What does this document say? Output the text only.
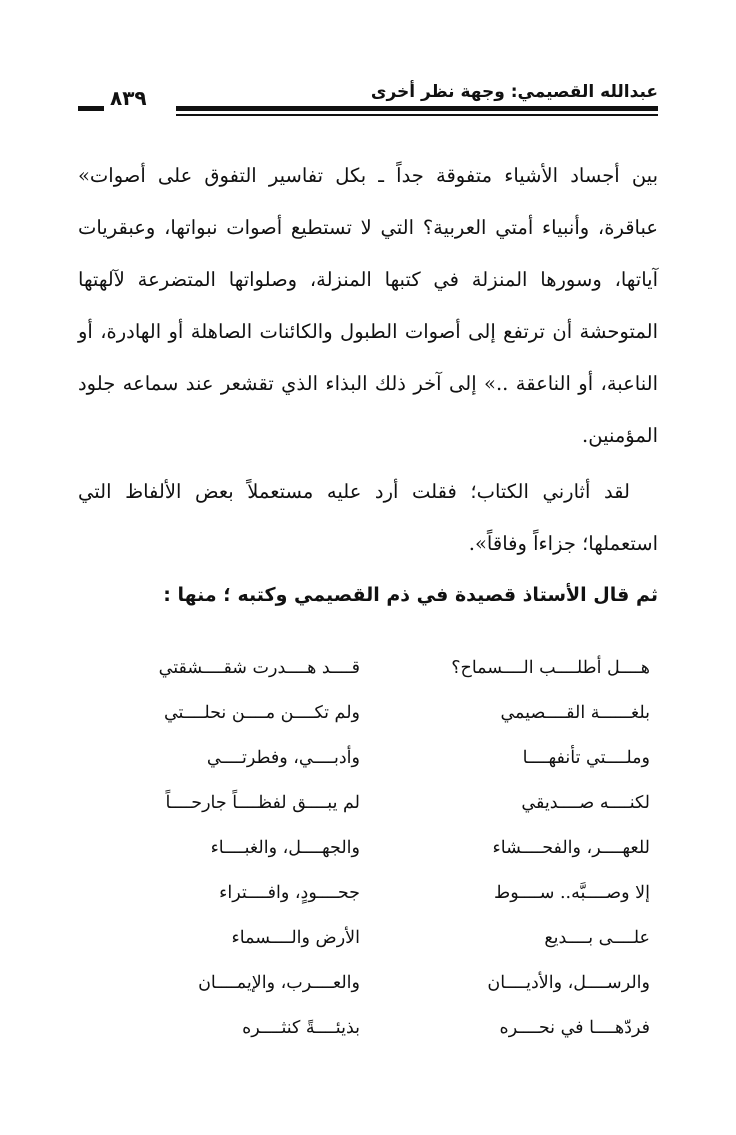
٨٣٩	عبدالله القصيمي: وجهة نظر أخرى

بين أجساد الأشياء متفوقة جداً ـ بكل تفاسير التفوق على أصوات» عباقرة، وأنبياء أمتي العربية؟ التي لا تستطيع أصوات نبواتها، وعبقريات آياتها، وسورها المنزلة في كتبها المنزلة، وصلواتها المتضرعة لآلهتها المتوحشة أن ترتفع إلى أصوات الطبول والكائنات الصاهلة أو الهادرة، أو الناعبة، أو الناعقة ..» إلى آخر ذلك البذاء الذي تقشعر عند سماعه جلود المؤمنين.

لقد أثارني الكتاب؛ فقلت أرد عليه مستعملاً بعض الألفاظ التي استعملها؛ جزاءاً وفاقاً».

ثم قال الأستاذ قصيدة في ذم القصيمي وكتبه ؛ منها :
هــــل أطلــــب الــــسماح؟
قــــد هــــدرت شقــــشقتي
بلغــــــة القــــصيمي
ولم تكــــن مــــن نحلــــتي
وملــــتي تأنفهــــا
وأدبــــي، وفطرتــــي
لكنــــه صــــديقي
لم يبــــق لفظــــاً جارحــــاً
للعهــــر، والفحــــشاء
والجهــــل، والغبــــاء
إلا وصــــبَّه.. ســــوط
جحــــودٍ، وافــــتراء
علــــى بــــديع
الأرض والــــسماء
والرســــل، والأديــــان
والعــــرب، والإيمــــان
فردّهــــا في نحــــره
بذيئــــةً كنثــــره
